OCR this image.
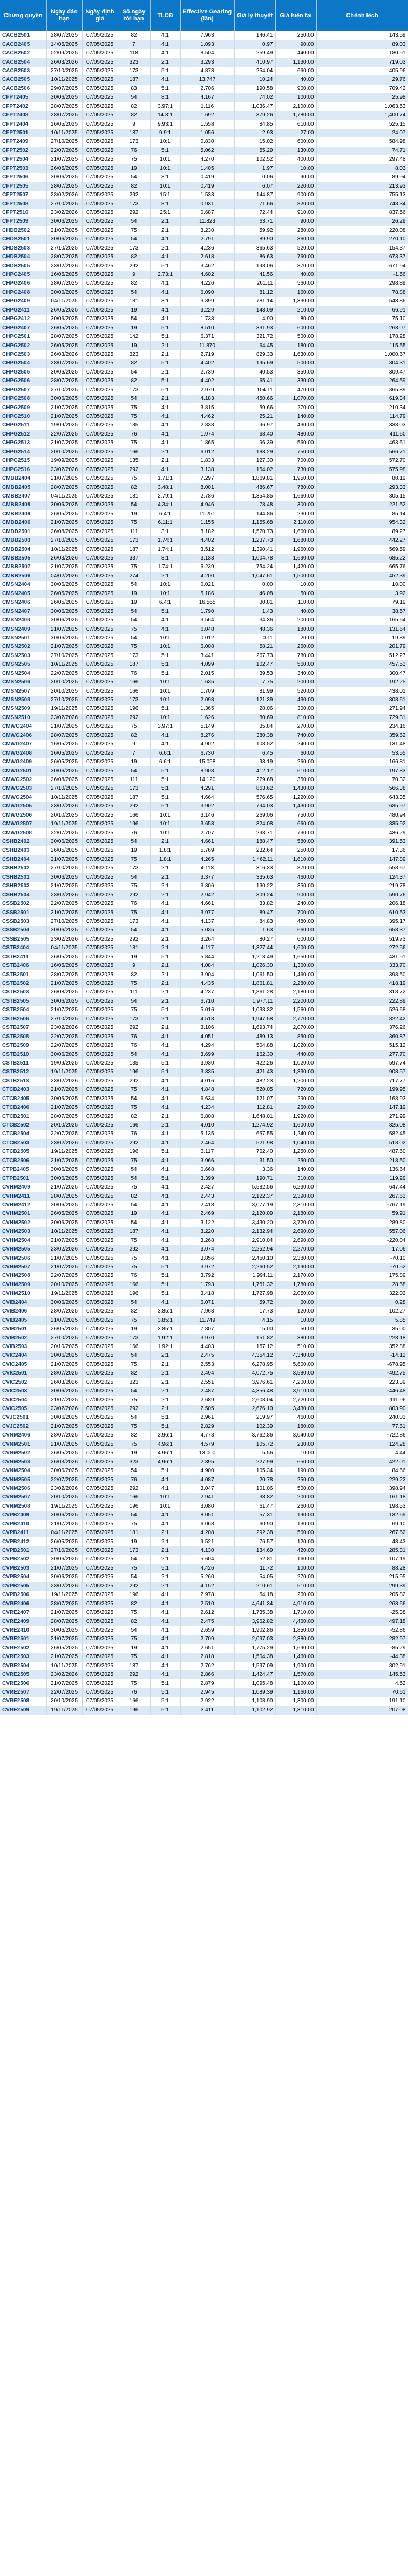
Chứng quyền	Ngày đáo hạn	Ngày định giá	Số ngày tới hạn	TLCĐ	Effective Gearing (lần)	Giá lý thuyết	Giá hiện tại	Chênh lệch
CACB2501	28/07/2025	07/05/2025	82	4:1	7.963	146.41	250.00	143.59
CACB2405	14/05/2025	07/05/2025	7	4:1	1.093	0.97	90.00	89.03
CACB2502	02/09/2025	07/05/2025	118	4:1	8.504	259.49	440.00	180.51
CACB2504	26/03/2026	07/05/2025	323	2:1	3.293	410.97	1,130.00	719.03
CACB2503	27/10/2025	07/05/2025	173	5:1	4.873	254.04	660.00	405.96
CACB2505	10/11/2025	07/05/2025	187	4:1	13.747	10.24	40.00	29.76
CACB2506	29/07/2025	07/05/2025	83	5:1	2.706	190.58	900.00	709.42
CFPT2405	30/06/2025	07/05/2025	54	8:1	4.167	74.02	100.00	25.98
CFPT2402	28/07/2025	07/05/2025	82	3.97:1	1.116	1,036.47	2,100.00	1,063.53
CFPT2408	28/07/2025	07/05/2025	82	14.8:1	1.692	379.26	1,780.00	1,400.74
CFPT2404	16/05/2025	07/05/2025	9	9.93:1	1.558	84.85	610.00	525.15
CFPT2501	10/11/2025	07/05/2025	187	9.9:1	1.056	2.93	27.00	24.07
CFPT2409	27/10/2025	07/05/2025	173	10:1	0.830	15.02	600.00	584.98
CFPT2502	22/07/2025	07/05/2025	76	5:1	5.062	55.29	130.00	74.71
CFPT2504	21/07/2025	07/05/2025	75	10:1	4.270	102.52	400.00	297.48
CFPT2503	26/05/2025	07/05/2025	19	10:1	1.405	1.97	10.00	8.03
CFPT2506	30/06/2025	07/05/2025	54	8:1	0.419	0.06	90.00	89.94
CFPT2505	28/07/2025	07/05/2025	82	10:1	0.419	6.07	220.00	213.93
CFPT2507	23/02/2026	07/05/2025	292	15:1	1.533	144.87	900.00	755.13
CFPT2508	27/10/2025	07/05/2025	173	8:1	0.931	71.66	820.00	748.34
CFPT2510	23/02/2026	07/05/2025	292	25:1	0.687	72.44	910.00	837.56
CFPT2509	30/06/2025	07/05/2025	54	2:1	11.823	63.71	90.00	26.29
CHDB2502	21/07/2025	07/05/2025	75	2:1	3.230	59.92	280.00	220.08
CHDB2501	30/06/2025	07/05/2025	54	4:1	2.791	89.90	360.00	270.10
CHDB2503	27/10/2025	07/05/2025	173	2:1	4.236	365.63	520.00	154.37
CHDB2504	28/07/2025	07/05/2025	82	4:1	2.618	86.63	760.00	673.37
CHDB2505	23/02/2026	07/05/2025	292	5:1	3.462	198.06	870.00	671.94
CHPG2405	16/05/2025	07/05/2025	9	2.73:1	4.602	41.56	40.00	-1.56
CHPG2406	28/07/2025	07/05/2025	82	4:1	4.226	261.11	560.00	298.89
CHPG2408	30/06/2025	07/05/2025	54	4:1	6.090	81.12	160.00	78.88
CHPG2409	04/11/2025	07/05/2025	181	3:1	3.899	781.14	1,330.00	548.86
CHPG2411	26/05/2025	07/05/2025	19	4:1	3.229	143.09	210.00	66.91
CHPG2412	30/06/2025	07/05/2025	54	4:1	1.738	4.90	80.00	75.10
CHPG2407	26/05/2025	07/05/2025	19	5:1	8.510	331.93	600.00	268.07
CHPG2501	28/07/2025	07/05/2025	142	5:1	6.371	321.72	500.00	178.28
CHPG2502	26/05/2025	07/05/2025	19	2:1	11.870	64.45	180.00	115.55
CHPG2503	26/03/2026	07/05/2025	323	2:1	2.719	829.33	1,630.00	1,000.67
CHPG2504	28/07/2025	07/05/2025	82	5:1	4.402	195.69	500.00	304.31
CHPG2505	30/06/2025	07/05/2025	54	2:1	2.739	40.53	350.00	309.47
CHPG2506	28/07/2025	07/05/2025	82	5:1	4.402	65.41	330.00	264.59
CHPG2507	27/10/2025	07/05/2025	173	5:1	2.979	104.11	470.00	365.89
CHPG2508	30/06/2025	07/05/2025	54	2:1	4.183	450.66	1,070.00	619.34
CHPG2509	21/07/2025	07/05/2025	75	4:1	3.815	59.66	270.00	210.34
CHPG2510	21/07/2025	07/05/2025	75	4:1	4.462	25.21	140.00	114.79
CHPG2511	19/09/2025	07/05/2025	135	4:1	2.833	96.97	430.00	333.03
CHPG2512	22/07/2025	07/05/2025	76	4:1	1.974	68.40	480.00	411.60
CHPG2513	21/07/2025	07/05/2025	75	4:1	1.865	96.39	560.00	463.61
CHPG2514	20/10/2025	07/05/2025	166	2:1	6.012	183.29	750.00	566.71
CHPG2515	19/09/2025	07/05/2025	135	2:1	1.833	127.30	700.00	572.70
CHPG2516	23/02/2026	07/05/2025	292	4:1	3.138	154.02	730.00	575.98
CMBB2404	21/07/2025	07/05/2025	75	1.71:1	7.297	1,869.81	1,950.00	80.19
CMBB2405	28/07/2025	07/05/2025	82	3.48:1	8.001	486.67	780.00	293.33
CMBB2407	04/11/2025	07/05/2025	181	2.79:1	2.786	1,354.85	1,660.00	305.15
CMBB2408	30/06/2025	07/05/2025	54	4.34:1	4.946	78.48	300.00	221.52
CMBB2409	26/05/2025	07/05/2025	19	6.4:1	11.251	144.86	230.00	85.14
CMBB2406	21/07/2025	07/05/2025	75	6.11:1	1.155	1,155.68	2,110.00	954.32
CMBB2501	26/08/2025	07/05/2025	111	3:1	8.182	1,570.73	1,660.00	89.27
CMBB2503	27/10/2025	07/05/2025	173	1.74:1	4.402	1,237.73	1,680.00	442.27
CMBB2504	10/11/2025	07/05/2025	187	1.74:1	3.512	1,390.41	1,960.00	569.59
CMBB2505	26/03/2026	07/05/2025	337	3:1	3.133	1,004.78	1,690.00	685.22
CMBB2507	21/07/2025	07/05/2025	75	1.74:1	6.239	754.24	1,420.00	665.76
CMBB2506	04/02/2026	07/05/2025	274	2:1	4.200	1,047.61	1,500.00	452.39
CMSN2404	30/06/2025	07/05/2025	54	10:1	0.021	0.00	10.00	10.00
CMSN2405	26/05/2025	07/05/2025	19	10:1	5.186	46.08	50.00	3.92
CMSN2406	26/05/2025	07/05/2025	19	6.4:1	16.565	30.81	110.00	79.19
CMSN2407	30/06/2025	07/05/2025	54	5:1	1.790	1.43	40.00	38.57
CMSN2408	30/06/2025	07/05/2025	54	4:1	3.564	34.36	200.00	165.64
CMSN2409	21/07/2025	07/05/2025	75	4:1	6.048	48.36	180.00	131.64
CMSN2501	30/06/2025	07/05/2025	54	10:1	0.012	0.11	20.00	19.89
CMSN2502	21/07/2025	07/05/2025	75	10:1	6.008	58.21	260.00	201.79
CMSN2503	27/10/2025	07/05/2025	173	5:1	3.441	267.73	780.00	512.27
CMSN2505	10/11/2025	07/05/2025	187	5:1	4.099	102.47	560.00	457.53
CMSN2504	22/07/2025	07/05/2025	76	5:1	2.015	39.53	340.00	300.47
CMSN2506	20/10/2025	07/05/2025	166	10:1	1.635	7.75	200.00	192.25
CMSN2507	20/10/2025	07/05/2025	166	10:1	1.709	81.99	520.00	438.01
CMSN2508	27/10/2025	07/05/2025	173	10:1	2.098	121.39	430.00	308.61
CMSN2509	19/11/2025	07/05/2025	196	5:1	1.365	28.06	300.00	271.94
CMSN2510	23/02/2026	07/05/2025	292	10:1	1.626	80.69	810.00	729.31
CMWG2404	21/07/2025	07/05/2025	75	3.97:1	5.149	35.84	270.00	234.16
CMWG2406	28/07/2025	07/05/2025	82	4:1	8.276	380.38	740.00	359.62
CMWG2407	16/05/2025	07/05/2025	9	4:1	4.902	108.52	240.00	131.48
CMWG2408	16/05/2025	07/05/2025	7	6.6:1	6.730	6.45	60.00	53.55
CMWG2409	26/05/2025	07/05/2025	19	6.6:1	15.058	93.19	260.00	166.81
CMWG2501	30/06/2025	07/05/2025	54	5:1	8.908	412.17	610.00	197.83
CMWG2502	26/08/2025	07/05/2025	111	5:1	14.120	279.68	350.00	70.32
CMWG2503	27/10/2025	07/05/2025	173	5:1	4.291	863.62	1,430.00	566.38
CMWG2504	10/11/2025	07/05/2025	187	5:1	4.664	576.65	1,220.00	643.35
CMWG2505	23/02/2026	07/05/2025	292	5:1	3.902	794.03	1,430.00	635.97
CMWG2506	20/10/2025	07/05/2025	166	10:1	3.146	269.06	750.00	480.94
CMWG2507	19/11/2025	07/05/2025	196	10:1	3.653	324.08	660.00	335.92
CMWG2508	22/07/2025	07/05/2025	76	10:1	2.707	293.71	730.00	436.29
CSHB2402	30/06/2025	07/05/2025	54	2:1	4.661	188.47	580.00	391.53
CSHB2403	26/05/2025	07/05/2025	19	1.8:1	5.769	232.64	250.00	17.36
CSHB2404	21/07/2025	07/05/2025	75	1.8:1	4.265	1,462.11	1,610.00	147.89
CSHB2502	27/10/2025	07/05/2025	173	2:1	4.118	316.33	870.00	553.67
CSHB2501	30/06/2025	07/05/2025	54	2:1	3.377	335.63	460.00	124.37
CSHB2503	21/07/2025	07/05/2025	75	2:1	3.306	130.22	350.00	219.78
CSHB2504	23/02/2026	07/05/2025	292	2:1	2.942	309.24	900.00	590.76
CSSB2502	22/07/2025	07/05/2025	76	4:1	4.661	33.82	240.00	206.18
CSSB2501	21/07/2025	07/05/2025	75	4:1	3.977	89.47	700.00	610.53
CSSB2503	27/10/2025	07/05/2025	173	4:1	4.137	84.83	480.00	395.17
CSSB2504	30/06/2025	07/05/2025	54	4:1	5.035	1.63	660.00	658.37
CSSB2505	23/02/2026	07/05/2025	292	2:1	3.264	80.27	600.00	519.73
CSTB2404	04/11/2025	07/05/2025	181	2:1	4.117	1,327.44	1,600.00	272.56
CSTB2411	26/05/2025	07/05/2025	19	5:1	5.844	1,218.49	1,650.00	431.51
CSTB2406	16/05/2025	07/05/2025	9	2:1	4.084	1,026.30	1,360.00	333.70
CSTB2501	28/07/2025	07/05/2025	82	2:1	3.904	1,061.50	1,460.00	398.50
CSTB2502	21/07/2025	07/05/2025	75	2:1	4.435	1,861.81	2,280.00	418.19
CSTB2503	26/08/2025	07/05/2025	111	2:1	4.237	1,861.28	2,180.00	318.72
CSTB2505	30/06/2025	07/05/2025	54	2:1	6.710	1,977.11	2,200.00	222.89
CSTB2504	21/07/2025	07/05/2025	75	5:1	5.016	1,033.32	1,560.00	526.68
CSTB2506	27/10/2025	07/05/2025	173	2:1	4.513	1,947.58	2,770.00	822.42
CSTB2507	23/02/2026	07/05/2025	292	2:1	3.106	1,693.74	2,070.00	376.26
CSTB2508	22/07/2025	07/05/2025	76	4:1	4.051	489.13	850.00	360.87
CSTB2509	22/07/2025	07/05/2025	76	4:1	4.294	504.88	1,020.00	515.12
CSTB2510	30/06/2025	07/05/2025	54	4:1	3.699	162.30	440.00	277.70
CSTB2511	19/09/2025	07/05/2025	135	5:1	3.930	422.26	1,020.00	597.74
CSTB2512	19/11/2025	07/05/2025	196	5:1	3.335	421.43	1,330.00	908.57
CSTB2513	23/02/2026	07/05/2025	292	4:1	4.016	482.23	1,200.00	717.77
CTCB2403	21/07/2025	07/05/2025	75	4:1	4.848	520.05	720.00	199.95
CTCB2405	30/06/2025	07/05/2025	54	4:1	6.634	121.07	290.00	168.93
CTCB2406	21/07/2025	07/05/2025	75	4:1	4.234	112.81	260.00	147.19
CTCB2501	28/07/2025	07/05/2025	82	2:1	6.808	1,648.01	1,920.00	271.99
CTCB2502	20/10/2025	07/05/2025	166	2:1	4.010	1,274.92	1,600.00	325.08
CTCB2504	22/07/2025	07/05/2025	76	4:1	5.135	657.55	1,240.00	582.45
CTCB2503	23/02/2026	07/05/2025	292	4:1	2.464	521.98	1,040.00	518.02
CTCB2505	19/11/2025	07/05/2025	196	5:1	3.117	762.40	1,250.00	487.60
CTCB2506	21/07/2025	07/05/2025	75	4:1	3.966	31.50	250.00	218.50
CTPB2405	30/06/2025	07/05/2025	54	4:1	0.668	3.36	140.00	136.64
CTPB2501	30/06/2025	07/05/2025	54	5:1	3.399	190.71	310.00	119.29
CVHM2409	21/07/2025	07/05/2025	75	4:1	2.427	5,582.56	6,230.00	647.44
CVHM2411	28/07/2025	07/05/2025	82	4:1	2.443	2,122.37	2,390.00	267.63
CVHM2412	30/06/2025	07/05/2025	54	4:1	2.418	3,077.19	2,310.00	-767.19
CVHM2501	26/05/2025	07/05/2025	19	4:1	2.469	2,120.09	2,180.00	59.91
CVHM2502	30/06/2025	07/05/2025	54	4:1	3.122	3,430.20	3,720.00	289.80
CVHM2503	10/11/2025	07/05/2025	187	4:1	3.220	2,132.94	2,690.00	557.06
CVHM2504	21/07/2025	07/05/2025	75	4:1	3.268	2,910.04	2,690.00	-220.04
CVHM2505	23/02/2026	07/05/2025	292	4:1	3.074	2,252.94	2,270.00	17.06
CVHM2506	21/07/2025	07/05/2025	75	4:1	3.856	2,450.10	2,380.00	-70.10
CVHM2507	21/07/2025	07/05/2025	75	5:1	3.972	2,260.52	2,190.00	-70.52
CVHM2508	22/07/2025	07/05/2025	76	5:1	3.792	1,994.11	2,170.00	175.89
CVHM2509	20/10/2025	07/05/2025	166	5:1	1.793	1,751.32	1,780.00	28.68
CVHM2510	19/11/2025	07/05/2025	196	5:1	3.418	1,727.98	2,050.00	322.02
CVIB2404	30/06/2025	07/05/2025	54	4:1	6.071	59.72	60.00	0.28
CVIB2406	28/07/2025	07/05/2025	82	3.85:1	7.963	17.73	120.00	102.27
CVIB2405	21/07/2025	07/05/2025	75	3.85:1	11.749	4.15	10.00	5.85
CVIB2501	26/05/2025	07/05/2025	19	3.85:1	7.807	15.00	50.00	35.00
CVIB2502	27/10/2025	07/05/2025	173	1.92:1	3.970	151.82	380.00	228.18
CVIB2503	20/10/2025	07/05/2025	166	1.92:1	4.403	157.12	510.00	352.88
CVIC2404	30/06/2025	07/05/2025	54	2:1	2.475	4,354.12	4,340.00	-14.12
CVIC2405	21/07/2025	07/05/2025	75	2:1	2.553	6,278.95	5,600.00	-678.95
CVIC2501	28/07/2025	07/05/2025	82	2:1	2.494	4,072.75	3,580.00	-492.75
CVIC2502	26/03/2026	07/05/2025	323	2:1	2.551	3,976.61	4,200.00	223.39
CVIC2503	30/06/2025	07/05/2025	54	2:1	2.487	4,356.48	3,910.00	-446.48
CVIC2504	21/07/2025	07/05/2025	75	2:1	2.689	2,608.04	2,720.00	111.96
CVIC2505	23/02/2026	07/05/2025	292	2:1	2.505	2,626.10	3,430.00	803.90
CVJC2501	30/06/2025	07/05/2025	54	5:1	2.961	219.97	460.00	240.03
CVJC2502	21/07/2025	07/05/2025	75	5:1	2.829	102.39	180.00	77.61
CVNM2406	28/07/2025	07/05/2025	82	3.96:1	4.773	3,762.86	3,040.00	-722.86
CVNM2501	21/07/2025	07/05/2025	75	4.96:1	4.579	105.72	230.00	124.28
CVNM2502	26/05/2025	07/05/2025	19	4.96:1	13.000	5.56	10.00	4.44
CVNM2503	26/03/2026	07/05/2025	323	4.96:1	2.895	227.99	650.00	422.01
CVNM2504	30/06/2025	07/05/2025	54	5:1	4.900	105.34	190.00	84.66
CVNM2505	22/07/2025	07/05/2025	76	4:1	4.087	20.78	250.00	229.22
CVNM2506	23/02/2026	07/05/2025	292	4:1	3.047	101.06	500.00	398.94
CVNM2507	20/10/2025	07/05/2025	166	10:1	2.941	38.82	200.00	161.18
CVNM2508	19/11/2025	07/05/2025	196	10:1	3.080	61.47	260.00	198.53
CVPB2409	30/06/2025	07/05/2025	54	4:1	8.051	57.31	190.00	132.69
CVPB2410	21/07/2025	07/05/2025	75	4:1	6.068	60.90	130.00	69.10
CVPB2411	04/11/2025	07/05/2025	181	2:1	4.208	292.38	560.00	267.62
CVPB2412	26/05/2025	07/05/2025	19	2:1	9.521	76.57	120.00	43.43
CVPB2501	27/10/2025	07/05/2025	173	2:1	4.130	134.69	420.00	285.31
CVPB2502	30/06/2025	07/05/2025	54	2:1	5.604	52.81	160.00	107.19
CVPB2503	21/07/2025	07/05/2025	75	5:1	4.426	11.72	100.00	88.28
CVPB2504	30/06/2025	07/05/2025	54	2:1	5.260	54.05	270.00	215.95
CVPB2505	23/02/2026	07/05/2025	292	2:1	4.152	210.61	510.00	299.39
CVPB2506	19/11/2025	07/05/2025	196	4:1	2.978	54.18	260.00	205.82
CVRE2406	28/07/2025	07/05/2025	82	4:1	2.510	4,641.34	4,910.00	268.66
CVRE2407	21/07/2025	07/05/2025	75	4:1	2.612	1,735.38	1,710.00	-25.38
CVRE2409	28/07/2025	07/05/2025	82	4:1	2.475	3,962.82	4,460.00	497.18
CVRE2410	30/06/2025	07/05/2025	54	4:1	2.659	1,902.86	1,850.00	-52.86
CVRE2501	21/07/2025	07/05/2025	75	4:1	2.709	2,097.03	2,380.00	282.97
CVRE2502	26/05/2025	07/05/2025	19	4:1	2.651	1,775.29	1,690.00	-85.29
CVRE2503	21/07/2025	07/05/2025	75	4:1	2.818	1,504.38	1,460.00	-44.38
CVRE2504	10/11/2025	07/05/2025	187	4:1	2.762	1,597.09	1,900.00	302.91
CVRE2505	23/02/2026	07/05/2025	292	4:1	2.866	1,424.47	1,570.00	145.53
CVRE2506	21/07/2025	07/05/2025	75	5:1	2.879	1,095.48	1,100.00	4.52
CVRE2507	22/07/2025	07/05/2025	76	5:1	2.945	1,089.39	1,160.00	70.61
CVRE2508	20/10/2025	07/05/2025	166	5:1	2.922	1,108.90	1,300.00	191.10
CVRE2509	19/11/2025	07/05/2025	196	5:1	3.411	1,102.92	1,310.00	207.08
